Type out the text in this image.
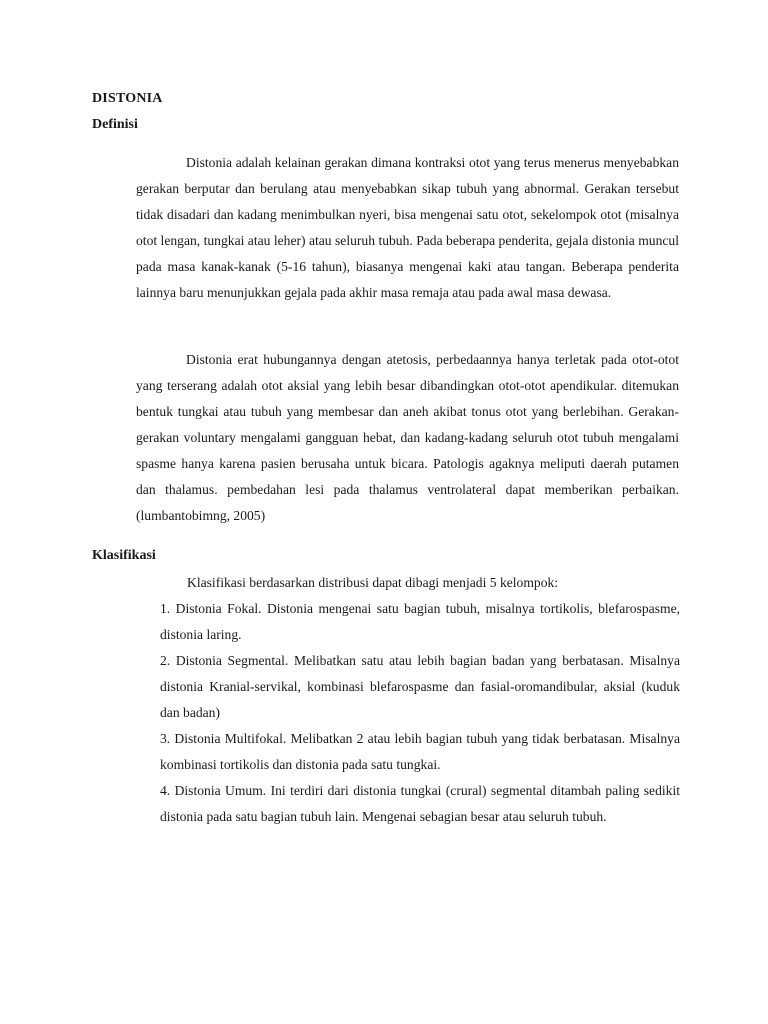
DISTONIA
Definisi

Distonia adalah kelainan gerakan dimana kontraksi otot yang terus menerus menyebabkan gerakan berputar dan berulang atau menyebabkan sikap tubuh yang abnormal. Gerakan tersebut tidak disadari dan kadang menimbulkan nyeri, bisa mengenai satu otot, sekelompok otot (misalnya otot lengan, tungkai atau leher) atau seluruh tubuh. Pada beberapa penderita, gejala distonia muncul pada masa kanak-kanak (5-16 tahun), biasanya mengenai kaki atau tangan. Beberapa penderita lainnya baru menunjukkan gejala pada akhir masa remaja atau pada awal masa dewasa.

Distonia erat hubungannya dengan atetosis, perbedaannya hanya terletak pada otot-otot yang terserang adalah otot aksial yang lebih besar dibandingkan otot-otot apendikular. ditemukan bentuk tungkai atau tubuh yang membesar dan aneh akibat tonus otot yang berlebihan. Gerakan-gerakan voluntary mengalami gangguan hebat, dan kadang-kadang seluruh otot tubuh mengalami spasme hanya karena pasien berusaha untuk bicara. Patologis agaknya meliputi daerah putamen dan thalamus. pembedahan lesi pada thalamus ventrolateral dapat memberikan perbaikan.(lumbantobimng, 2005)

Klasifikasi

Klasifikasi berdasarkan distribusi dapat dibagi menjadi 5 kelompok:

1. Distonia Fokal. Distonia mengenai satu bagian tubuh, misalnya tortikolis, blefarospasme, distonia laring.
2. Distonia Segmental. Melibatkan satu atau lebih bagian badan yang berbatasan. Misalnya distonia Kranial-servikal, kombinasi blefarospasme dan fasial-oromandibular, aksial (kuduk dan badan)
3. Distonia Multifokal. Melibatkan 2 atau lebih bagian tubuh yang tidak berbatasan. Misalnya kombinasi tortikolis dan distonia pada satu tungkai.
4. Distonia Umum. Ini terdiri dari distonia tungkai (crural) segmental ditambah paling sedikit distonia pada satu bagian tubuh lain. Mengenai sebagian besar atau seluruh tubuh.
